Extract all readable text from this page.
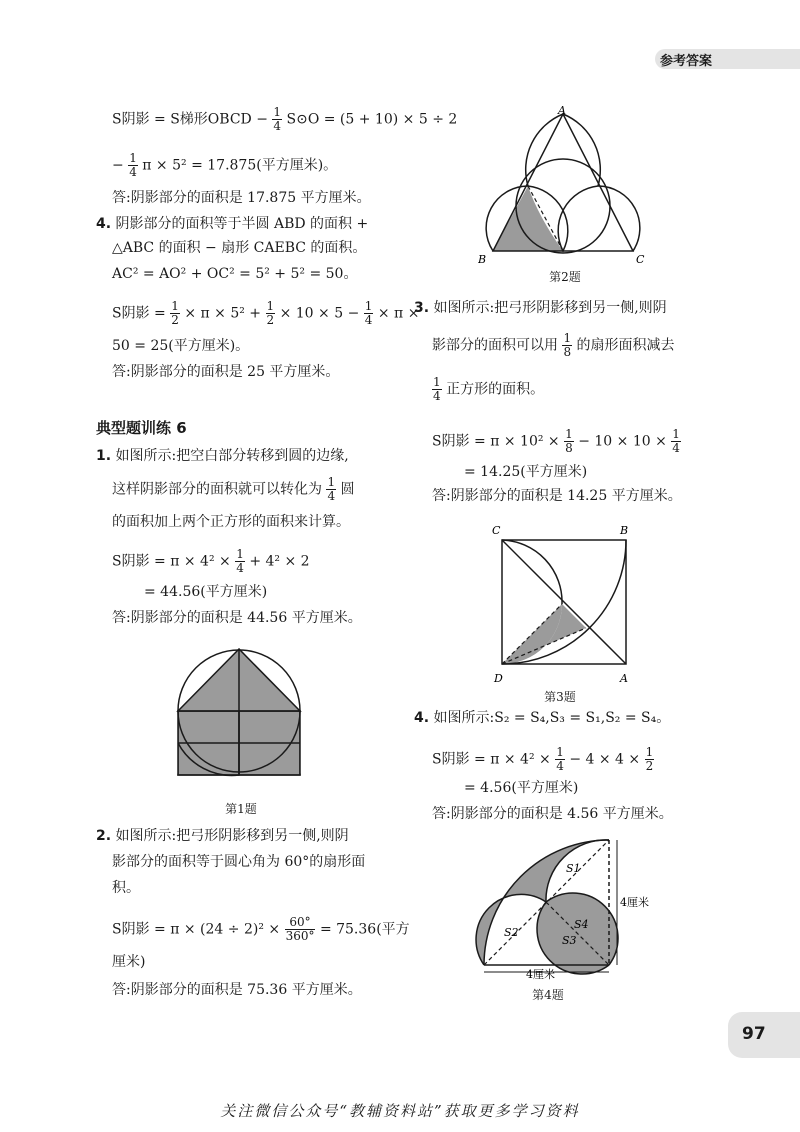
参考答案
S阴影 = S梯形OBCD − $\frac{1}{4}$ S⊙O = (5 + 10) × 5 ÷ 2
− $\frac{1}{4}$ π × 5² = 17.875(平方厘米)。
答:阴影部分的面积是 17.875 平方厘米。
4. 阴影部分的面积等于半圆 ABD 的面积 +
△ABC 的面积 − 扇形 CAEBC 的面积。
AC² = AO² + OC² = 5² + 5² = 50。
S阴影 = $\frac{1}{2} \times \pi \times 5^2 + \frac{1}{2} \times 10 \times 5 - \frac{1}{4} \times \pi$ ×
50 = 25(平方厘米)。
答:阴影部分的面积是 25 平方厘米。
典型题训练 6
1. 如图所示:把空白部分转移到圆的边缘,
这样阴影部分的面积就可以转化为 $\frac{1}{4}$ 圆
的面积加上两个正方形的面积来计算。
S阴影 = $\pi \times 4^2 \times \frac{1}{4} + 4^2 \times 2$
= 44.56(平方厘米)
答:阴影部分的面积是 44.56 平方厘米。
第1题
2. 如图所示:把弓形阴影移到另一侧,则阴
影部分的面积等于圆心角为 60°的扇形面
积。
S阴影 = $\pi \times (24 \div 2)^2 \times \frac{60^\circ}{360^\circ} = 75.36$(平方
厘米)
答:阴影部分的面积是 75.36 平方厘米。
A
B	C
第2题
3. 如图所示:把弓形阴影移到另一侧,则阴
影部分的面积可以用 $\frac{1}{8}$ 的扇形面积减去
$\frac{1}{4}$ 正方形的面积。
S阴影 = $\pi \times 10^2 \times \frac{1}{8} - 10 \times 10 \times \frac{1}{4}$
= 14.25(平方厘米)
答:阴影部分的面积是 14.25 平方厘米。
C	B
D	A
第3题
4. 如图所示:S₂ = S₄,S₃ = S₁,S₂ = S₄。
S阴影 = $\pi \times 4^2 \times \frac{1}{4} - 4 \times 4 \times \frac{1}{2}$
= 4.56(平方厘米)
答:阴影部分的面积是 4.56 平方厘米。
S1
S2
S3
S4
4厘米
4厘米
第4题
97
关注微信公众号“教辅资料站”获取更多学习资料
